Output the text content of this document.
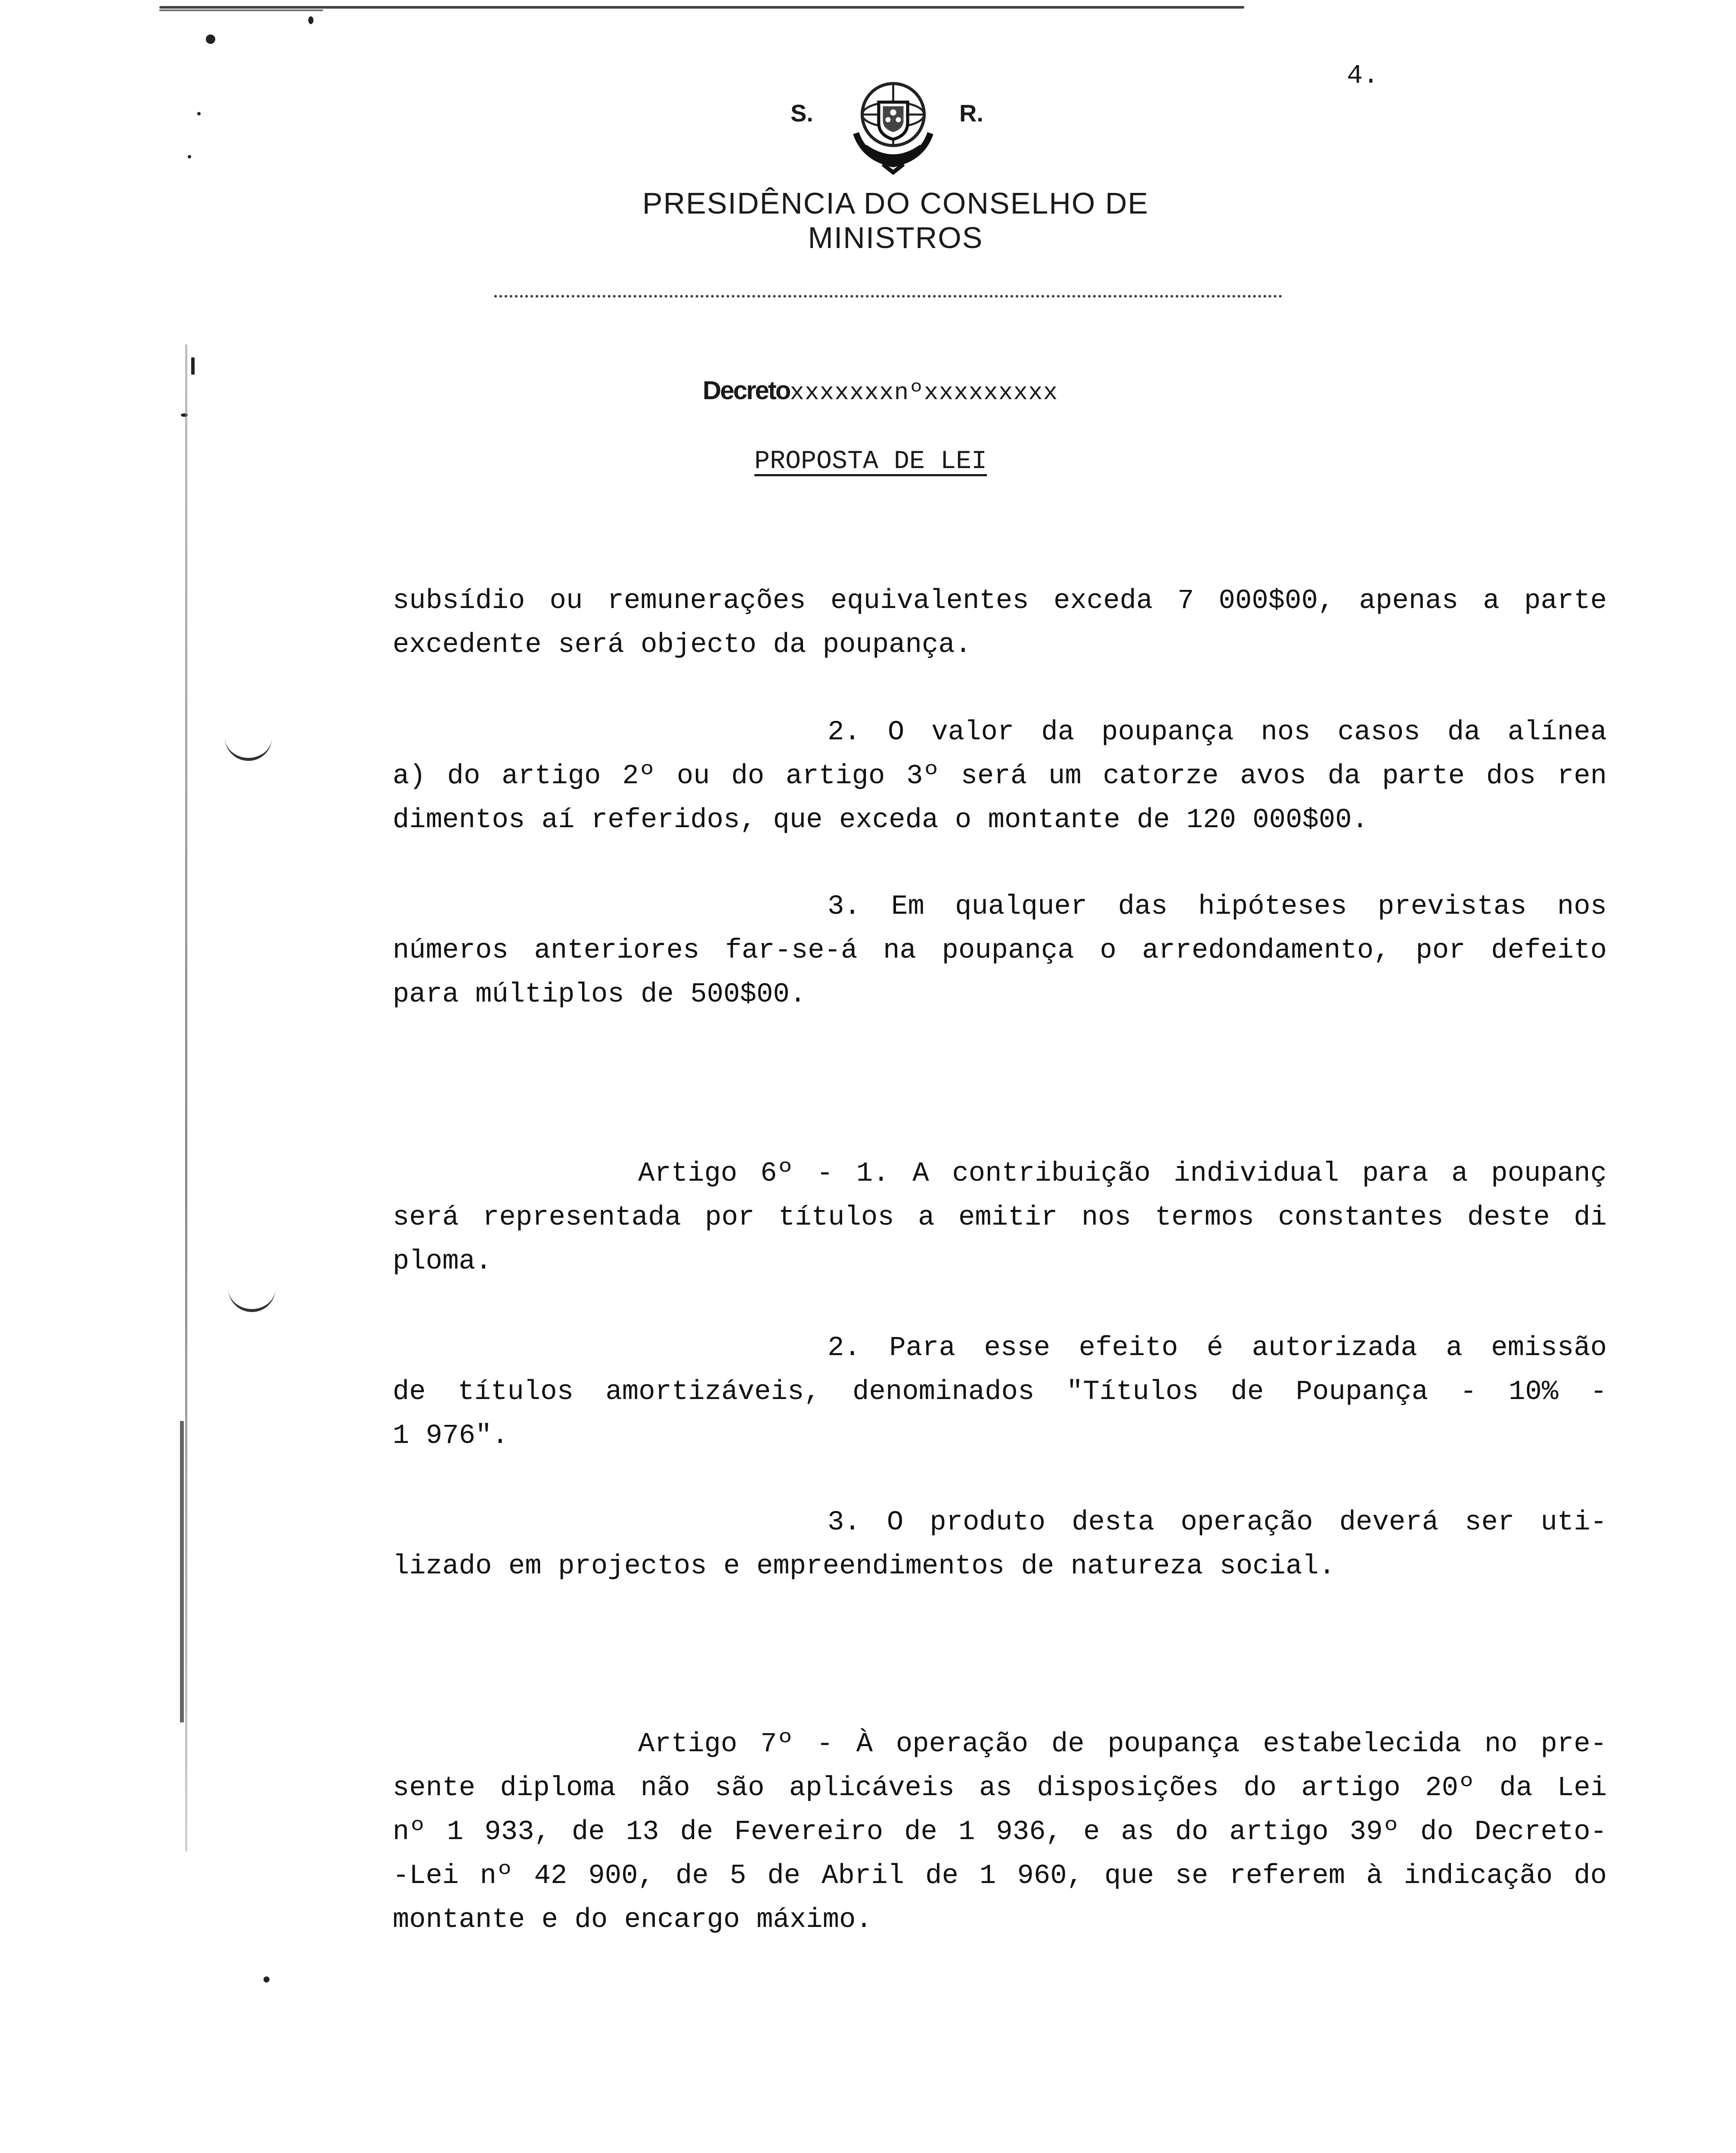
4.
S.	R.
PRESIDÊNCIA DO CONSELHO DE MINISTROS
Decretoxxxxxxxnºxxxxxxxxx
PROPOSTA DE LEI
subsídio ou remunerações equivalentes exceda 7 000$00, apenas a parte
excedente será objecto da poupança.
2. O valor da poupança nos casos da alínea
a) do artigo 2º ou do artigo 3º será um catorze avos da parte dos ren
dimentos aí referidos, que exceda o montante de 120 000$00.
3. Em qualquer das hipóteses previstas nos
números anteriores far-se-á na poupança o arredondamento, por defeito
para múltiplos de 500$00.
Artigo 6º - 1. A contribuição individual para a poupanç
será representada por títulos a emitir nos termos constantes deste di
ploma.
2. Para esse efeito é autorizada a emissão
de títulos amortizáveis, denominados "Títulos de Poupança - 10% -
1 976".
3. O produto desta operação deverá ser uti-
lizado em projectos e empreendimentos de natureza social.
Artigo 7º - À operação de poupança estabelecida no pre-
sente diploma não são aplicáveis as disposições do artigo 20º da Lei
nº 1 933, de 13 de Fevereiro de 1 936, e as do artigo 39º do Decreto-
-Lei nº 42 900, de 5 de Abril de 1 960, que se referem à indicação do
montante e do encargo máximo.
